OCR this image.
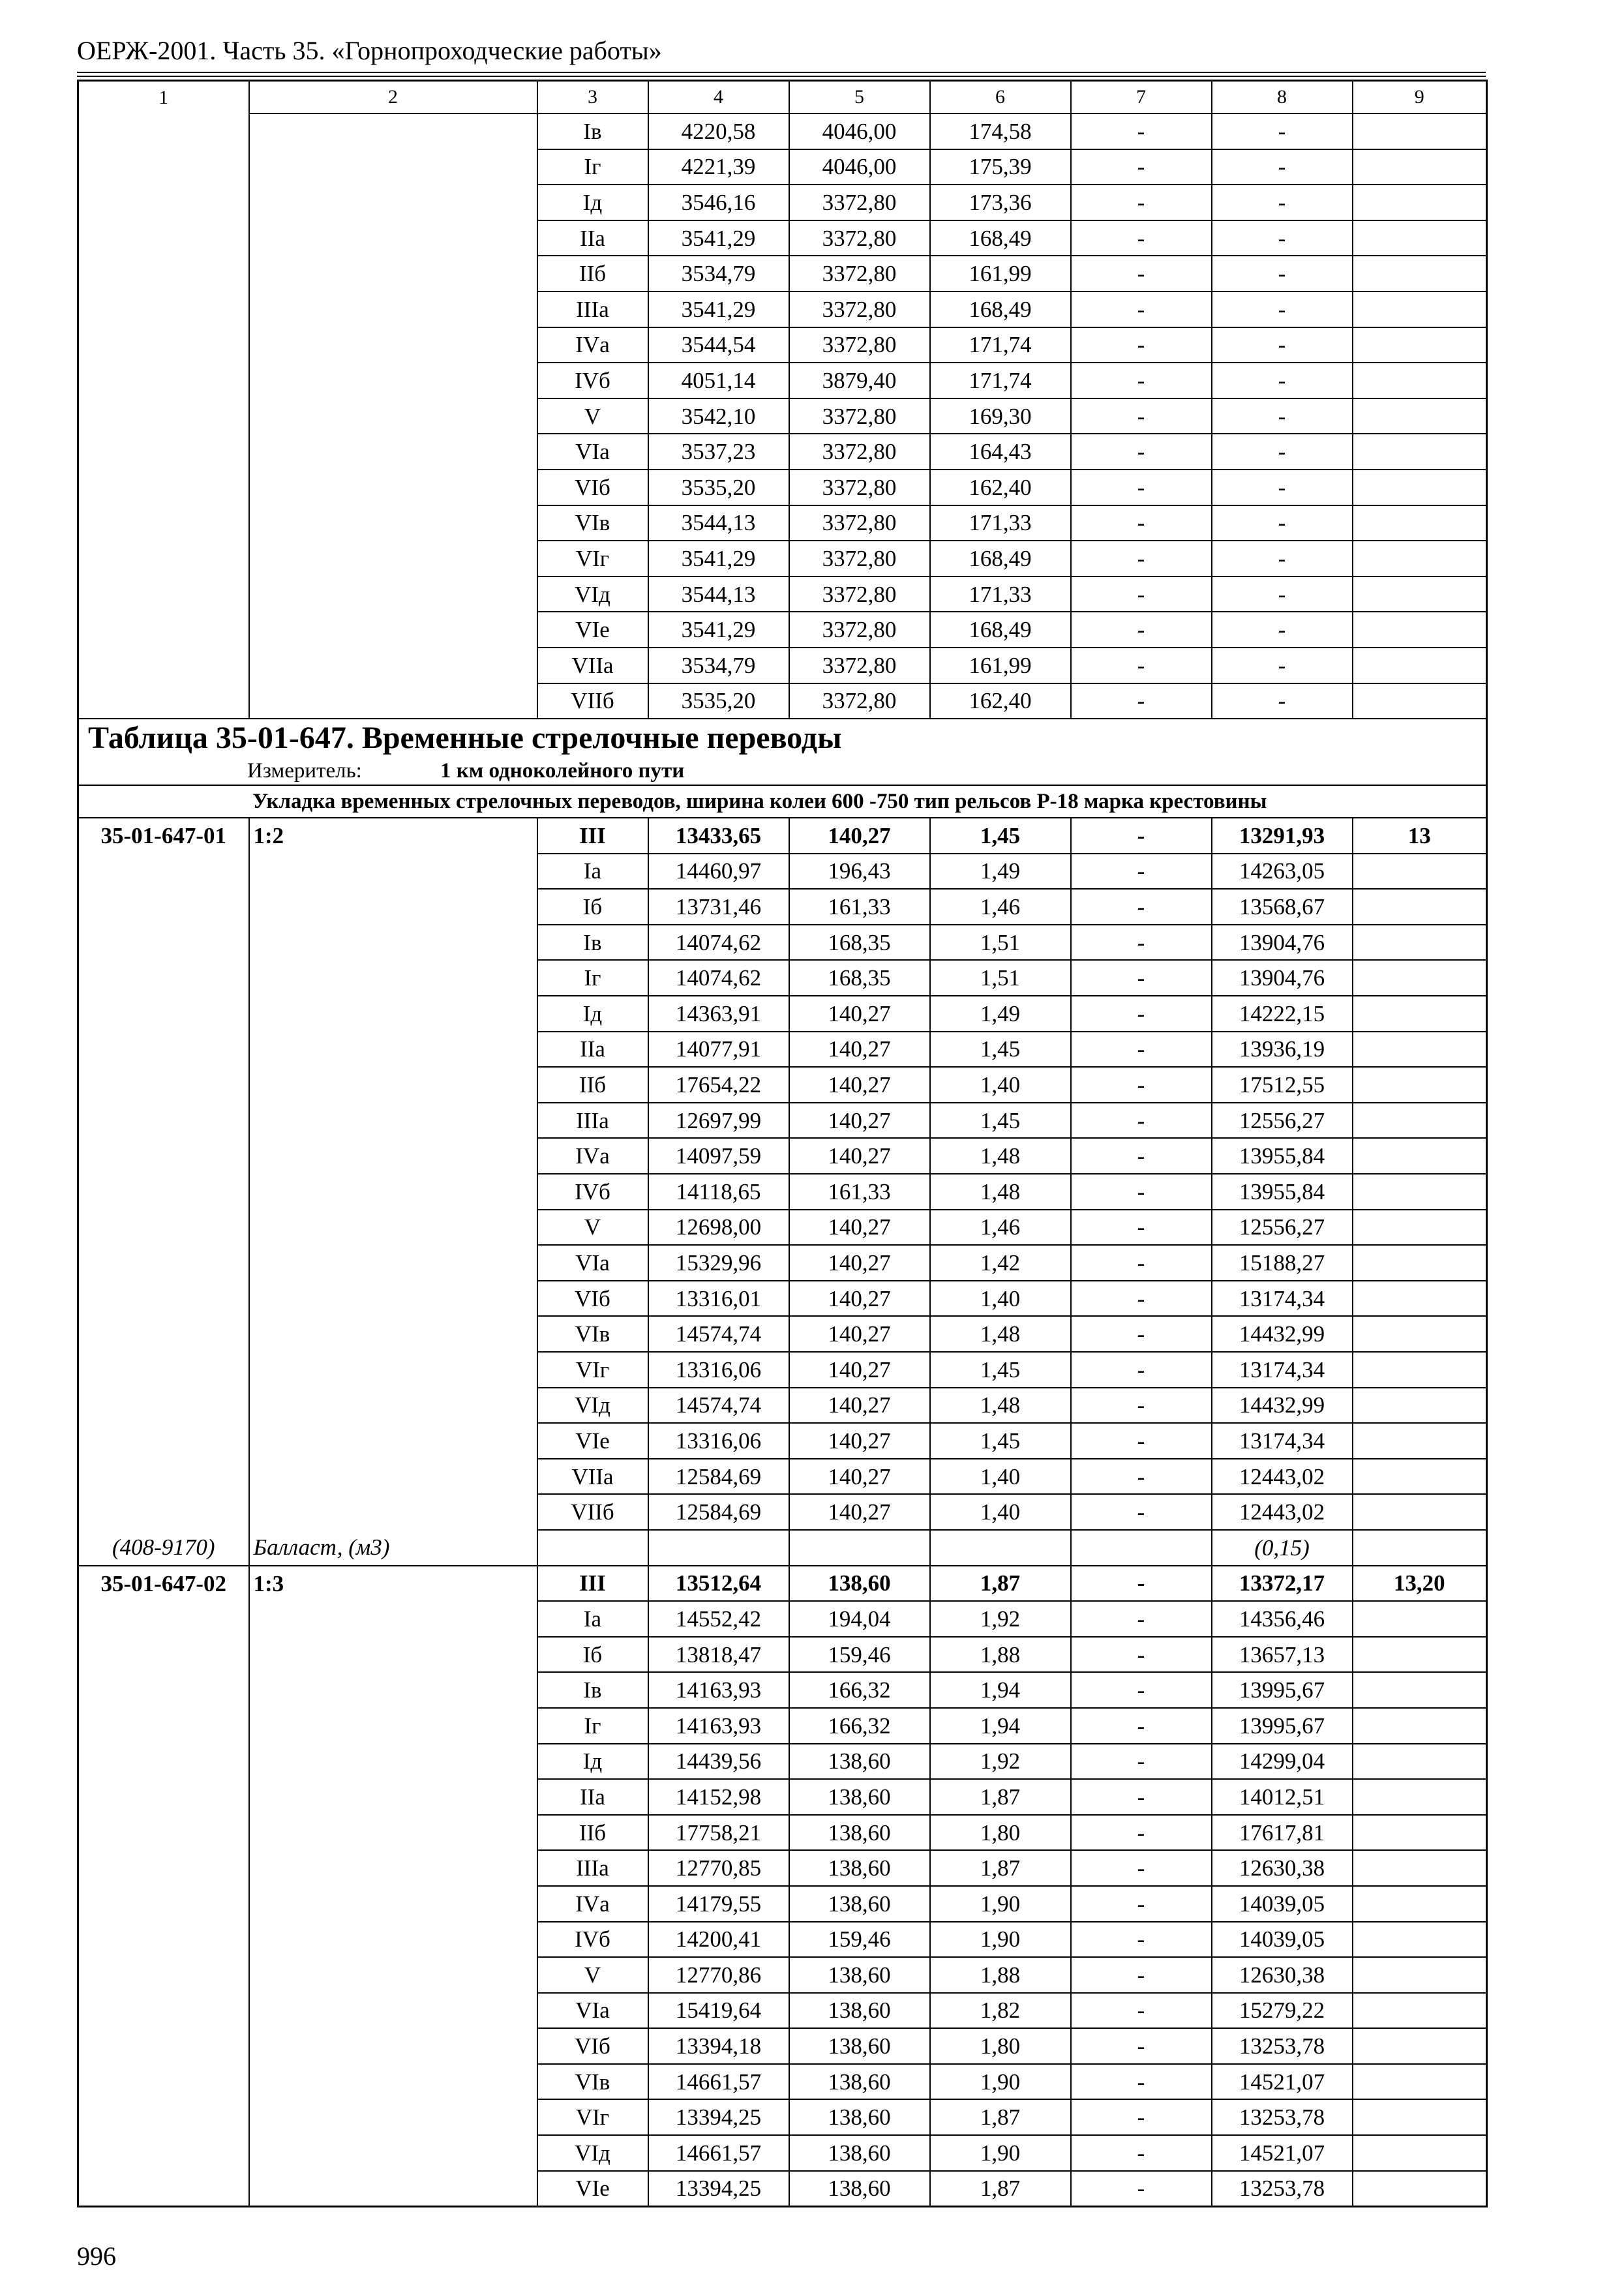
ОЕРЖ-2001. Часть 35. «Горнопроходческие работы»
1	2	3	4	5	6	7	8	9
		Iв	4220,58	4046,00	174,58	-	-	
		Iг	4221,39	4046,00	175,39	-	-	
		Iд	3546,16	3372,80	173,36	-	-	
		IIа	3541,29	3372,80	168,49	-	-	
		IIб	3534,79	3372,80	161,99	-	-	
		IIIа	3541,29	3372,80	168,49	-	-	
		IVа	3544,54	3372,80	171,74	-	-	
		IVб	4051,14	3879,40	171,74	-	-	
		V	3542,10	3372,80	169,30	-	-	
		VIа	3537,23	3372,80	164,43	-	-	
		VIб	3535,20	3372,80	162,40	-	-	
		VIв	3544,13	3372,80	171,33	-	-	
		VIг	3541,29	3372,80	168,49	-	-	
		VIд	3544,13	3372,80	171,33	-	-	
		VIе	3541,29	3372,80	168,49	-	-	
		VIIа	3534,79	3372,80	161,99	-	-	
		VIIб	3535,20	3372,80	162,40	-	-	
Таблица 35-01-647. Временные стрелочные переводы								
Измеритель: 1 км одноколейного пути								
Укладка временных стрелочных переводов, ширина колеи 600 -750 тип рельсов Р-18 марка крестовины								
35-01-647-01	1:2	III	13433,65	140,27	1,45	-	13291,93	13
		Iа	14460,97	196,43	1,49	-	14263,05	
		Iб	13731,46	161,33	1,46	-	13568,67	
		Iв	14074,62	168,35	1,51	-	13904,76	
		Iг	14074,62	168,35	1,51	-	13904,76	
		Iд	14363,91	140,27	1,49	-	14222,15	
		IIа	14077,91	140,27	1,45	-	13936,19	
		IIб	17654,22	140,27	1,40	-	17512,55	
		IIIа	12697,99	140,27	1,45	-	12556,27	
		IVа	14097,59	140,27	1,48	-	13955,84	
		IVб	14118,65	161,33	1,48	-	13955,84	
		V	12698,00	140,27	1,46	-	12556,27	
		VIа	15329,96	140,27	1,42	-	15188,27	
		VIб	13316,01	140,27	1,40	-	13174,34	
		VIв	14574,74	140,27	1,48	-	14432,99	
		VIг	13316,06	140,27	1,45	-	13174,34	
		VIд	14574,74	140,27	1,48	-	14432,99	
		VIе	13316,06	140,27	1,45	-	13174,34	
		VIIа	12584,69	140,27	1,40	-	12443,02	
		VIIб	12584,69	140,27	1,40	-	12443,02	
(408-9170)	Балласт, (м3)						(0,15)	
35-01-647-02	1:3	III	13512,64	138,60	1,87	-	13372,17	13,20
		Iа	14552,42	194,04	1,92	-	14356,46	
		Iб	13818,47	159,46	1,88	-	13657,13	
		Iв	14163,93	166,32	1,94	-	13995,67	
		Iг	14163,93	166,32	1,94	-	13995,67	
		Iд	14439,56	138,60	1,92	-	14299,04	
		IIа	14152,98	138,60	1,87	-	14012,51	
		IIб	17758,21	138,60	1,80	-	17617,81	
		IIIа	12770,85	138,60	1,87	-	12630,38	
		IVа	14179,55	138,60	1,90	-	14039,05	
		IVб	14200,41	159,46	1,90	-	14039,05	
		V	12770,86	138,60	1,88	-	12630,38	
		VIа	15419,64	138,60	1,82	-	15279,22	
		VIб	13394,18	138,60	1,80	-	13253,78	
		VIв	14661,57	138,60	1,90	-	14521,07	
		VIг	13394,25	138,60	1,87	-	13253,78	
		VIд	14661,57	138,60	1,90	-	14521,07	
		VIе	13394,25	138,60	1,87	-	13253,78	
996
